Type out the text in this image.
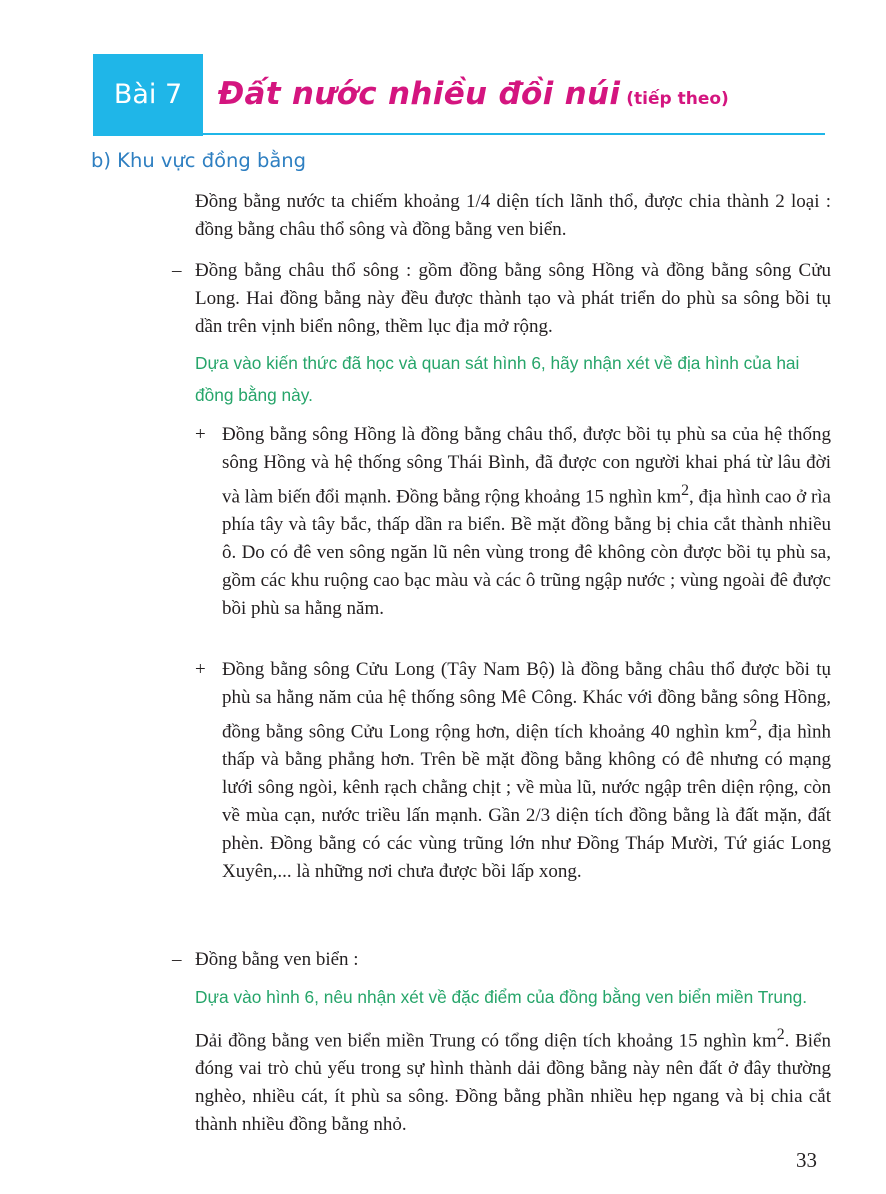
Bài 7	Đất nước nhiều đồi núi (tiếp theo)
b) Khu vực đồng bằng

Đồng bằng nước ta chiếm khoảng 1/4 diện tích lãnh thổ, được chia thành 2 loại : đồng bằng châu thổ sông và đồng bằng ven biển.

– Đồng bằng châu thổ sông : gồm đồng bằng sông Hồng và đồng bằng sông Cửu Long. Hai đồng bằng này đều được thành tạo và phát triển do phù sa sông bồi tụ dần trên vịnh biển nông, thềm lục địa mở rộng.

Dựa vào kiến thức đã học và quan sát hình 6, hãy nhận xét về địa hình của hai đồng bằng này.

+ Đồng bằng sông Hồng là đồng bằng châu thổ, được bồi tụ phù sa của hệ thống sông Hồng và hệ thống sông Thái Bình, đã được con người khai phá từ lâu đời và làm biến đổi mạnh. Đồng bằng rộng khoảng 15 nghìn $km^2$, địa hình cao ở rìa phía tây và tây bắc, thấp dần ra biển. Bề mặt đồng bằng bị chia cắt thành nhiều ô. Do có đê ven sông ngăn lũ nên vùng trong đê không còn được bồi tụ phù sa, gồm các khu ruộng cao bạc màu và các ô trũng ngập nước ; vùng ngoài đê được bồi phù sa hằng năm.

+ Đồng bằng sông Cửu Long (Tây Nam Bộ) là đồng bằng châu thổ được bồi tụ phù sa hằng năm của hệ thống sông Mê Công. Khác với đồng bằng sông Hồng, đồng bằng sông Cửu Long rộng hơn, diện tích khoảng 40 nghìn $km^2$, địa hình thấp và bằng phẳng hơn. Trên bề mặt đồng bằng không có đê nhưng có mạng lưới sông ngòi, kênh rạch chằng chịt ; về mùa lũ, nước ngập trên diện rộng, còn về mùa cạn, nước triều lấn mạnh. Gần 2/3 diện tích đồng bằng là đất mặn, đất phèn. Đồng bằng có các vùng trũng lớn như Đồng Tháp Mười, Tứ giác Long Xuyên,... là những nơi chưa được bồi lấp xong.

– Đồng bằng ven biển :

Dựa vào hình 6, nêu nhận xét về đặc điểm của đồng bằng ven biển miền Trung.

Dải đồng bằng ven biển miền Trung có tổng diện tích khoảng 15 nghìn $km^2$. Biển đóng vai trò chủ yếu trong sự hình thành dải đồng bằng này nên đất ở đây thường nghèo, nhiều cát, ít phù sa sông. Đồng bằng phần nhiều hẹp ngang và bị chia cắt thành nhiều đồng bằng nhỏ.

33
